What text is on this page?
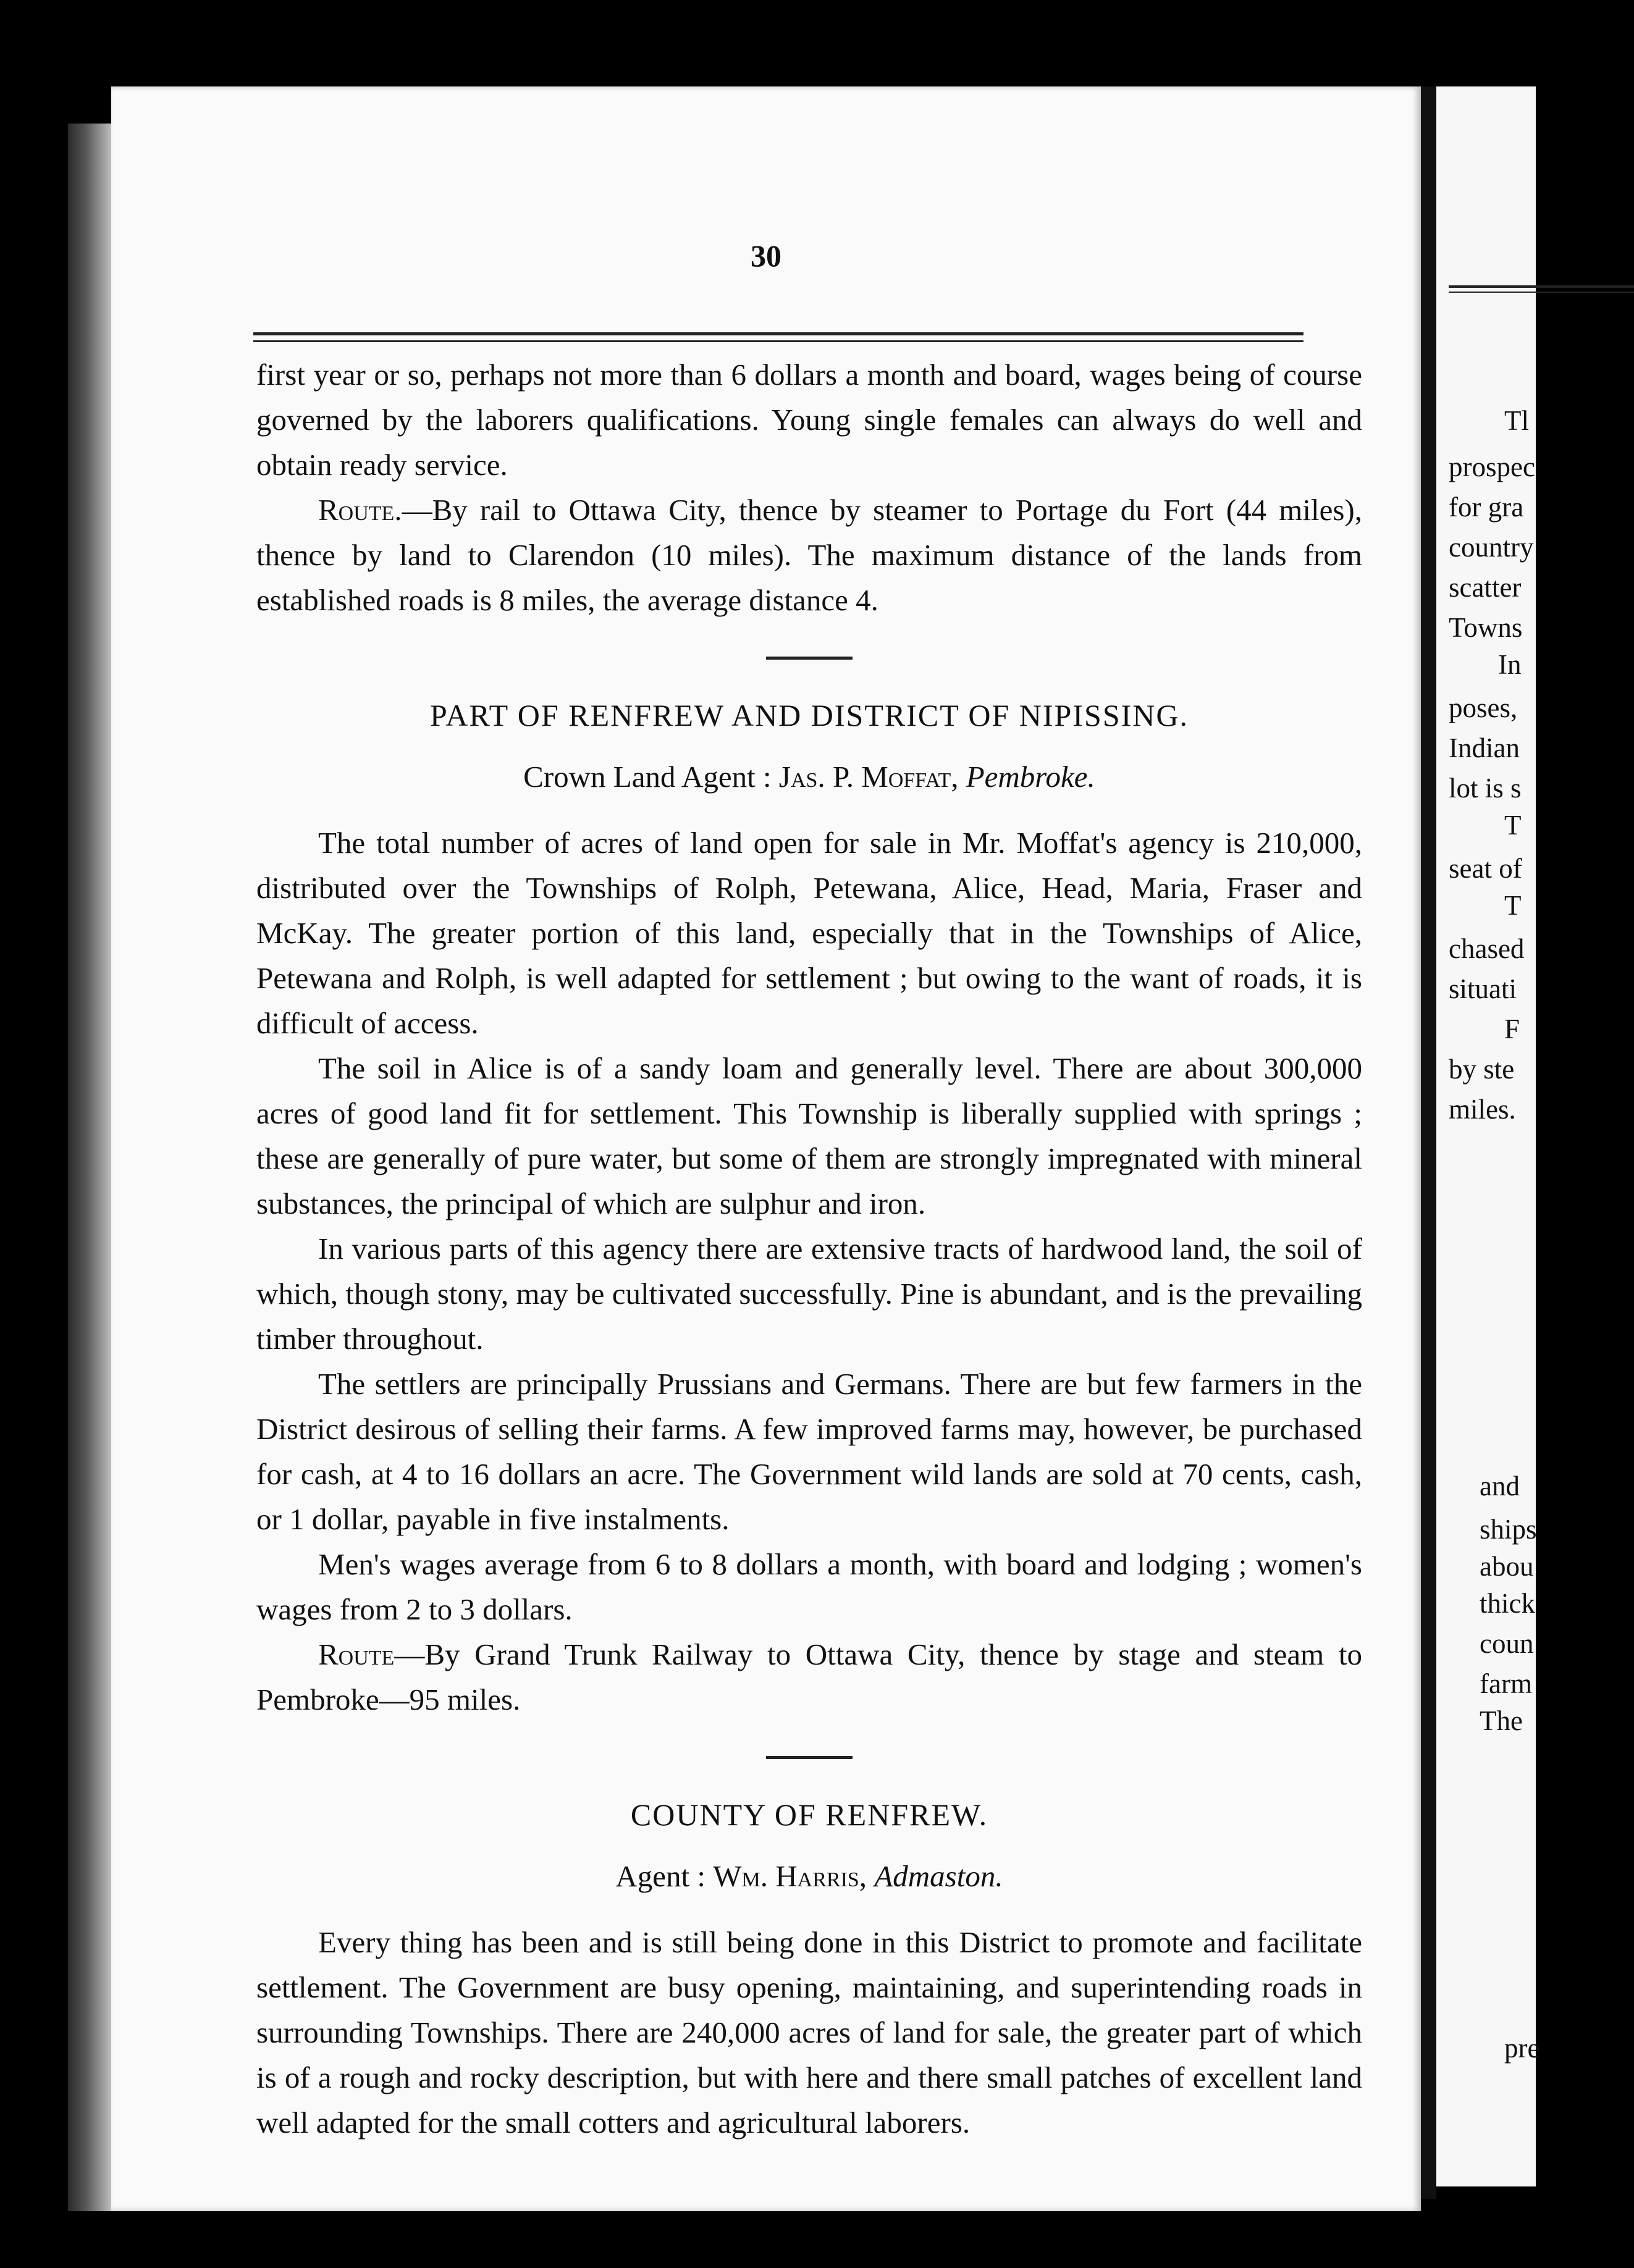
30

first year or so, perhaps not more than 6 dollars a month and board, wages being of course governed by the laborers qualifications. Young single females can always do well and obtain ready service.

Route.—By rail to Ottawa City, thence by steamer to Portage du Fort (44 miles), thence by land to Clarendon (10 miles). The maximum distance of the lands from established roads is 8 miles, the average distance 4.

PART OF RENFREW AND DISTRICT OF NIPISSING.
Crown Land Agent : Jas. P. Moffat, Pembroke.

The total number of acres of land open for sale in Mr. Moffat's agency is 210,000, distributed over the Townships of Rolph, Petewana, Alice, Head, Maria, Fraser and McKay. The greater portion of this land, especially that in the Townships of Alice, Petewana and Rolph, is well adapted for settlement ; but owing to the want of roads, it is difficult of access.

The soil in Alice is of a sandy loam and generally level. There are about 300,000 acres of good land fit for settlement. This Township is liberally supplied with springs ; these are generally of pure water, but some of them are strongly impregnated with mineral substances, the principal of which are sulphur and iron.

In various parts of this agency there are extensive tracts of hardwood land, the soil of which, though stony, may be cultivated successfully. Pine is abundant, and is the prevailing timber throughout.

The settlers are principally Prussians and Germans. There are but few farmers in the District desirous of selling their farms. A few improved farms may, however, be purchased for cash, at 4 to 16 dollars an acre. The Government wild lands are sold at 70 cents, cash, or 1 dollar, payable in five instalments.

Men's wages average from 6 to 8 dollars a month, with board and lodging ; women's wages from 2 to 3 dollars.

Route—By Grand Trunk Railway to Ottawa City, thence by stage and steam to Pembroke—95 miles.

COUNTY OF RENFREW.
Agent : Wm. Harris, Admaston.

Every thing has been and is still being done in this District to promote and facilitate settlement. The Government are busy opening, maintaining, and superintending roads in surrounding Townships. There are 240,000 acres of land for sale, the greater part of which is of a rough and rocky description, but with here and there small patches of excellent land well adapted for the small cotters and agricultural laborers.

Tl
prospec
for gra
country
scatter
Towns
In
poses,
Indian
lot is s
T
seat of
T
chased
situati
F
by ste
miles.
and
ships
abou
thick
coun
farm
The
pre
